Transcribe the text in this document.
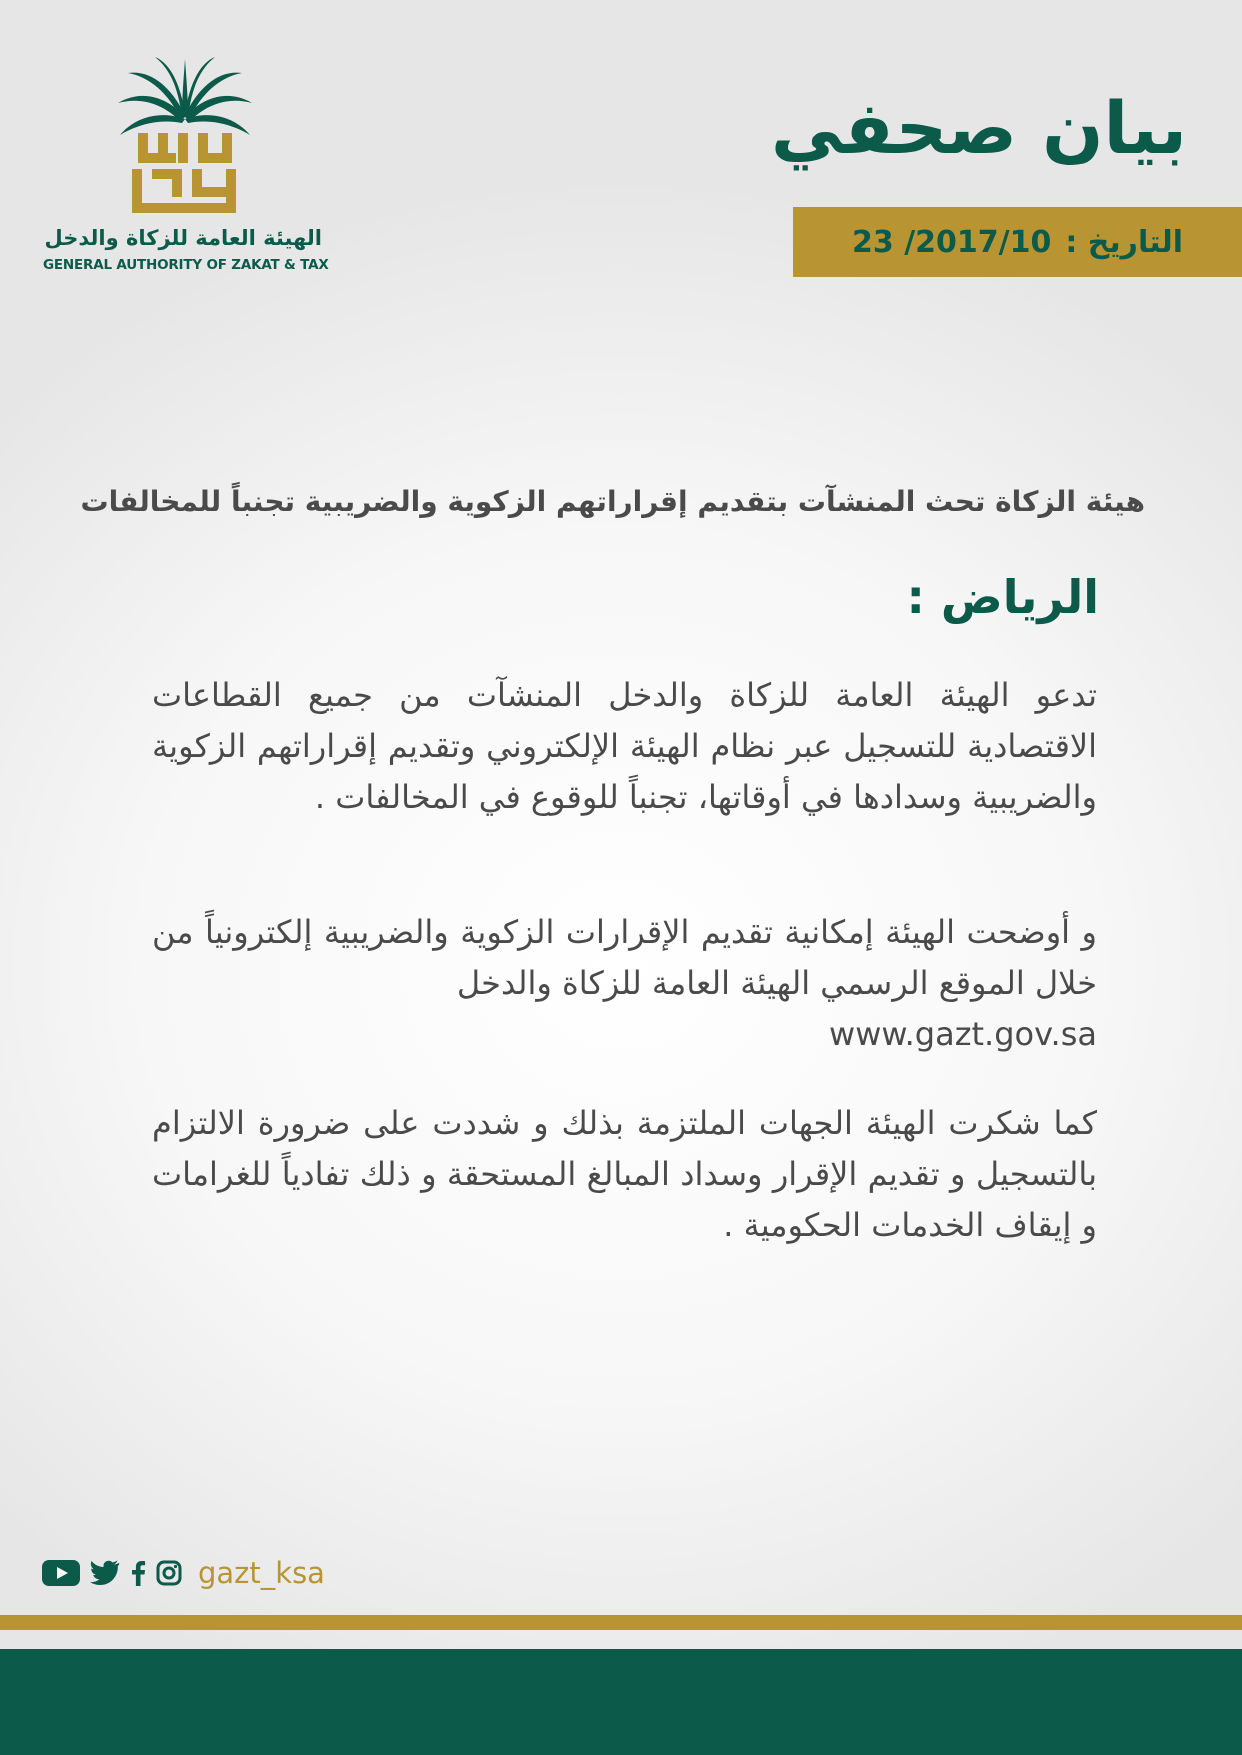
الهيئة العامة للزكاة والدخل
GENERAL AUTHORITY OF ZAKAT & TAX
بيان صحفي
التاريخ :
23 /2017/10
هيئة الزكاة تحث المنشآت بتقديم إقراراتهم الزكوية والضريبية تجنباً للمخالفات
الرياض :

تدعو الهيئة العامة للزكاة والدخل المنشآت من جميع القطاعات الاقتصادية للتسجيل عبر نظام الهيئة الإلكتروني وتقديم إقراراتهم الزكوية والضريبية وسدادها في أوقاتها، تجنباً للوقوع في المخالفات .

و أوضحت الهيئة إمكانية تقديم الإقرارات الزكوية والضريبية إلكترونياً من خلال الموقع الرسمي الهيئة العامة للزكاة والدخل
www.gazt.gov.sa

كما شكرت الهيئة الجهات الملتزمة بذلك و شددت على ضرورة الالتزام بالتسجيل و تقديم الإقرار وسداد المبالغ المستحقة و ذلك تفادياً للغرامات و إيقاف الخدمات الحكومية .

gazt_ksa
